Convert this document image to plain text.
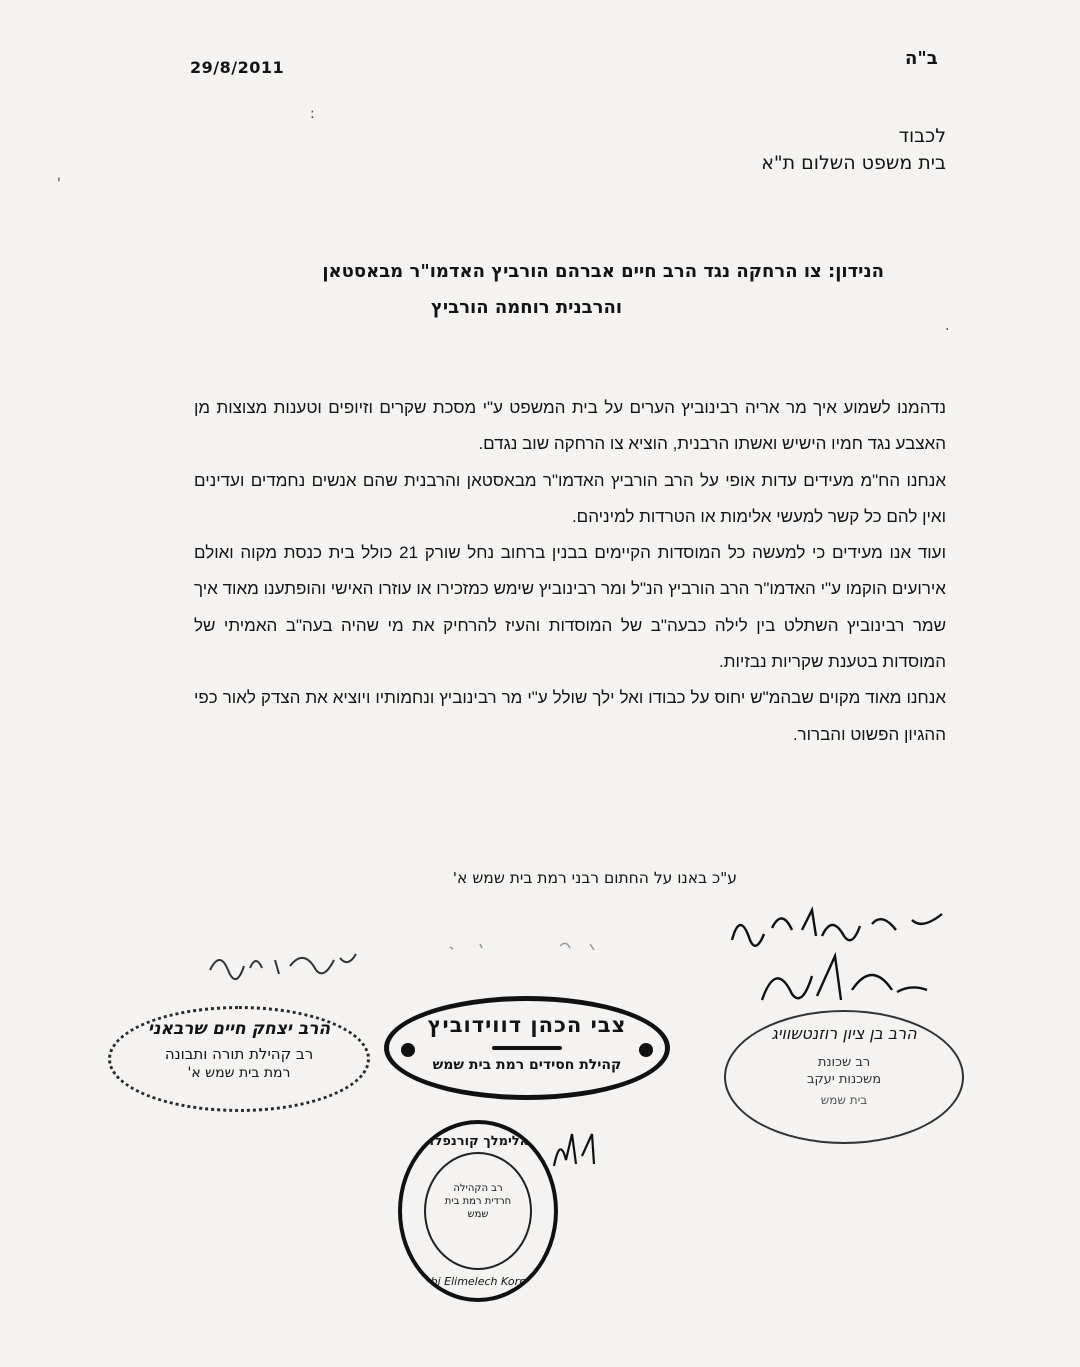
29/8/2011	ב"ה
:
'
.
לכבוד
בית משפט השלום ת"א
הנידון: צו הרחקה נגד הרב חיים אברהם הורביץ האדמו"ר מבאסטאן
והרבנית רוחמה הורביץ

נדהמנו לשמוע איך מר אריה רבינוביץ הערים על בית המשפט ע"י מסכת שקרים וזיופים וטענות מצוצות מן האצבע נגד חמיו הישיש ואשתו הרבנית, הוציא צו הרחקה שוב נגדם.

אנחנו הח"מ מעידים עדות אופי על הרב הורביץ האדמו"ר מבאסטאן והרבנית שהם אנשים נחמדים ועדינים ואין להם כל קשר למעשי אלימות או הטרדות למיניהם.

ועוד אנו מעידים כי למעשה כל המוסדות הקיימים בבנין ברחוב נחל שורק 21 כולל בית כנסת מקוה ואולם אירועים הוקמו ע"י האדמו"ר הרב הורביץ הנ"ל ומר רבינוביץ שימש כמזכירו או עוזרו האישי והופתענו מאוד איך שמר רבינוביץ השתלט בין לילה כבעה"ב של המוסדות והעיז להרחיק את מי שהיה בעה"ב האמיתי של המוסדות בטענת שקריות נבזיות.

אנחנו מאוד מקוים שבהמ"ש יחוס על כבודו ואל ילך שולל ע"י מר רבינוביץ ונחמותיו ויוציא את הצדק לאור כפי ההגיון הפשוט והברור.

ע"כ באנו על החתום רבני רמת בית שמש א'
הרב יצחק חיים שרבאני
רב קהילת תורה ותבונה
רמת בית שמש א'
צבי הכהן דווידוביץ
קהילת חסידים רמת בית שמש
הרב בן ציון רוזנטשוויג
רב שכונת
משכנות יעקב
בית שמש
אלימלך קורנפלד
רב הקהילה חרדית רמת בית שמש
Rabbi Elimelech Kornfeld
